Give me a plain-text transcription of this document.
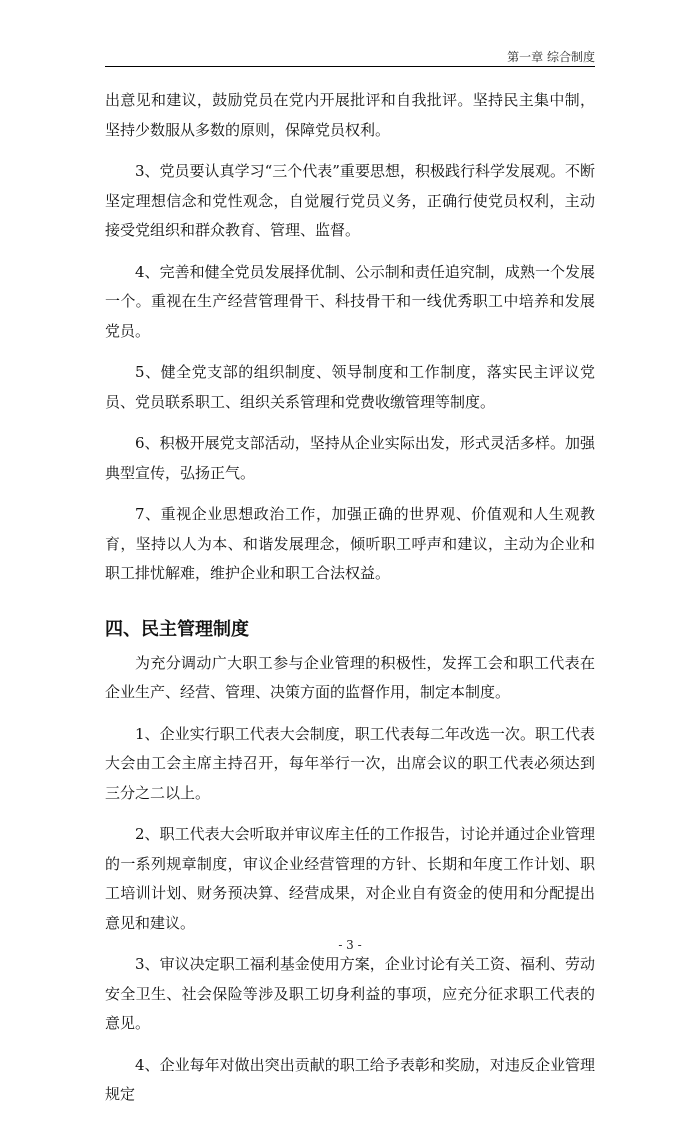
第一章 综合制度

出意见和建议，鼓励党员在党内开展批评和自我批评。坚持民主集中制，坚持少数服从多数的原则，保障党员权利。

3、党员要认真学习“三个代表”重要思想，积极践行科学发展观。不断坚定理想信念和党性观念，自觉履行党员义务，正确行使党员权利，主动接受党组织和群众教育、管理、监督。

4、完善和健全党员发展择优制、公示制和责任追究制，成熟一个发展一个。重视在生产经营管理骨干、科技骨干和一线优秀职工中培养和发展党员。

5、健全党支部的组织制度、领导制度和工作制度，落实民主评议党员、党员联系职工、组织关系管理和党费收缴管理等制度。

6、积极开展党支部活动，坚持从企业实际出发，形式灵活多样。加强典型宣传，弘扬正气。

7、重视企业思想政治工作，加强正确的世界观、价值观和人生观教育，坚持以人为本、和谐发展理念，倾听职工呼声和建议，主动为企业和职工排忧解难，维护企业和职工合法权益。

四、民主管理制度

为充分调动广大职工参与企业管理的积极性，发挥工会和职工代表在企业生产、经营、管理、决策方面的监督作用，制定本制度。

1、企业实行职工代表大会制度，职工代表每二年改选一次。职工代表大会由工会主席主持召开，每年举行一次，出席会议的职工代表必须达到三分之二以上。

2、职工代表大会听取并审议库主任的工作报告，讨论并通过企业管理的一系列规章制度，审议企业经营管理的方针、长期和年度工作计划、职工培训计划、财务预决算、经营成果，对企业自有资金的使用和分配提出意见和建议。

3、审议决定职工福利基金使用方案，企业讨论有关工资、福利、劳动安全卫生、社会保险等涉及职工切身利益的事项，应充分征求职工代表的意见。

4、企业每年对做出突出贡献的职工给予表彰和奖励，对违反企业管理规定

- 3 -
